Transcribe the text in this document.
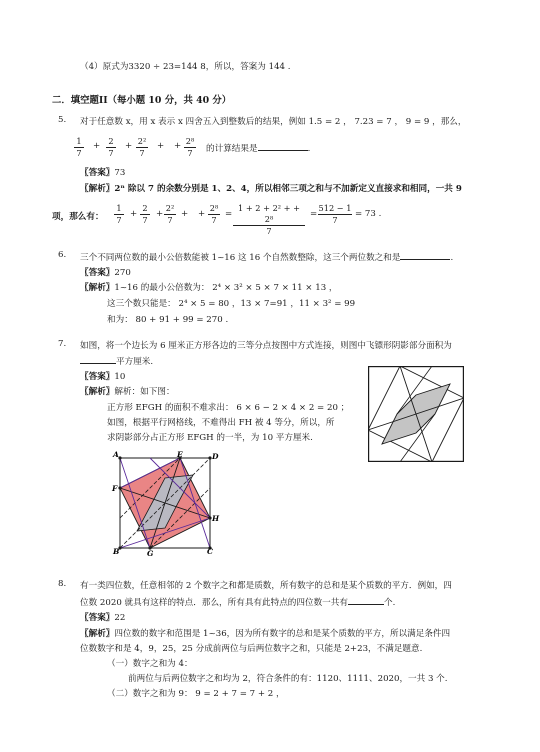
（4）原式为3320 ÷ 23=144 8，所以，答案为 144 .
二．填空题II（每小题 10 分，共 40 分）
5. 对于任意数 x，用 x 表示 x 四舍五入到整数后的结果，例如 1.5 = 2 ， 7.23 = 7 ， 9 = 9 ，那么，
1
7
+ 2
7
+ 2²
7
+ + 2⁸
7	的计算结果是	.
〖答案〗73
〖解析〗2ⁿ 除以 7 的余数分别是 1、2、4，所以相邻三项之和与不加新定义直接求和相同，一共 9
项，那么有：
1
7
+
2
7
+
2²
7
+ +
2⁸
7
=
1 + 2 + 2² + + 2⁸
7
=
512 − 1
7
= 73 .
6. 三个不同两位数的最小公倍数能被 1~16 这 16 个自然数整除，这三个两位数之和是	.
〖答案〗270
〖解析〗1~16 的最小公倍数为： 2⁴ × 3² × 5 × 7 × 11 × 13 ，
这三个数只能是： 2⁴ × 5 = 80 ，13 × 7=91 ，11 × 3² = 99
和为： 80 + 91 + 99 = 270 .
7. 如图，将一个边长为 6 厘米正方形各边的三等分点按图中方式连接，则图中飞镖形阴影部分面积为
平方厘米.
〖答案〗10
〖解析〗解析：如下图：
正方形 EFGH 的面积不难求出： 6 × 6 − 2 × 4 × 2 = 20 ；
如图，根据平行网格线，不难得出 FH 被 4 等分，所以，所
求阴影部分占正方形 EFGH 的一半，为 10 平方厘米.
A	E	D
F
H
B	G	C
8. 有一类四位数，任意相邻的 2 个数字之和都是质数，所有数字的总和是某个质数的平方．例如，四
位数 2020 就具有这样的特点．那么，所有具有此特点的四位数一共有	个.
〖答案〗22
〖解析〗四位数的数字和范围是 1~36，因为所有数字的总和是某个质数的平方，所以满足条件四
位数数字和是 4，9，25，25 分成前两位与后两位数字之和，只能是 2+23，不满足题意.
（一）数字之和为 4：
前两位与后两位数字之和均为 2，符合条件的有：1120、1111、2020，一共 3 个.
（二）数字之和为 9： 9 = 2 + 7 = 7 + 2 ，
